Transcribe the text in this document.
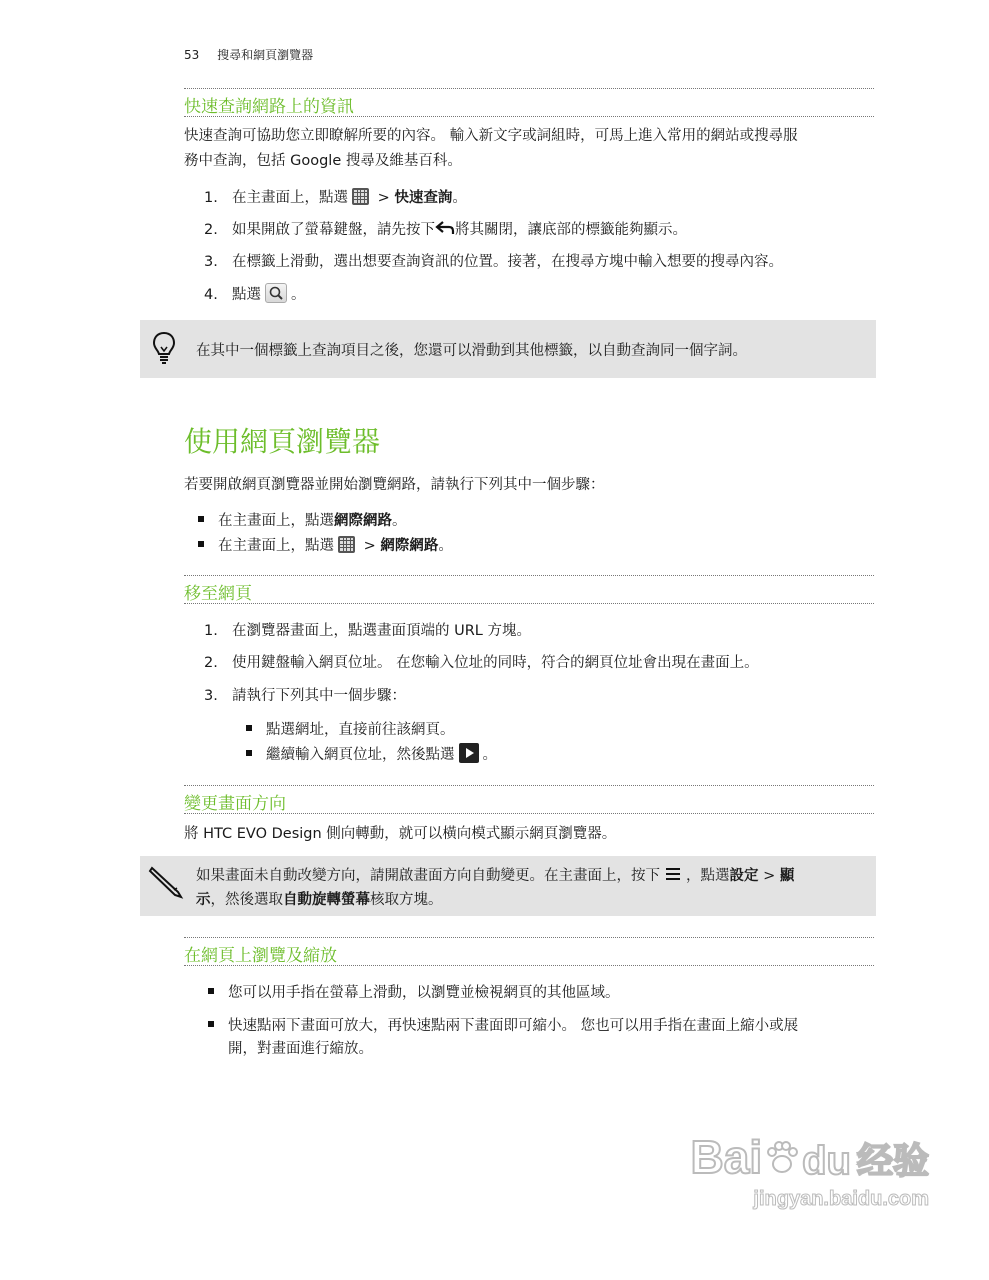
53 搜尋和網頁瀏覽器
快速查詢網路上的資訊
快速查詢可協助您立即瞭解所要的內容。 輸入新文字或詞組時，可馬上進入常用的網站或搜尋服
務中查詢，包括 Google 搜尋及維基百科。
1. 在主畫面上，點選
> 快速查詢。
2. 如果開啟了螢幕鍵盤，請先按下 將其關閉，讓底部的標籤能夠顯示。
3. 在標籤上滑動，選出想要查詢資訊的位置。接著，在搜尋方塊中輸入想要的搜尋內容。
4. 點選 。
在其中一個標籤上查詢項目之後，您還可以滑動到其他標籤，以自動查詢同一個字詞。
使用網頁瀏覽器
若要開啟網頁瀏覽器並開始瀏覽網路，請執行下列其中一個步驟：
在主畫面上，點選網際網路。
在主畫面上，點選
> 網際網路。
移至網頁
1. 在瀏覽器畫面上，點選畫面頂端的 URL 方塊。
2. 使用鍵盤輸入網頁位址。 在您輸入位址的同時，符合的網頁位址會出現在畫面上。
3. 請執行下列其中一個步驟：
點選網址，直接前往該網頁。
繼續輸入網頁位址，然後點選 。
變更畫面方向
將 HTC EVO Design 側向轉動，就可以橫向模式顯示網頁瀏覽器。
如果畫面未自動改變方向，請開啟畫面方向自動變更。在主畫面上，按下 ，點選設定 > 顯
示，然後選取自動旋轉螢幕核取方塊。
在網頁上瀏覽及縮放
您可以用手指在螢幕上滑動，以瀏覽並檢視網頁的其他區域。
快速點兩下畫面可放大，再快速點兩下畫面即可縮小。 您也可以用手指在畫面上縮小或展
開，對畫面進行縮放。
Bai du 经验
jingyan.baidu.com
